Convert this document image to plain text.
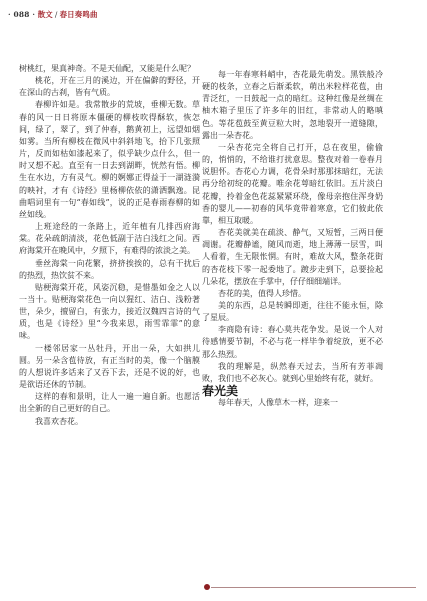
· 088 · 散文 / 春日奏鸣曲

树桃红，果真神奇。不是天仙配，又能是什么呢？

桃花，开在三月的溪边，开在偏僻的野径，开在深山的古刹，皆有气质。

春柳许如是。我常散步的荒坡，垂柳无数。草春的风一日日将原本僵硬的柳枝吹得酥软，恢怎间，绿了，翠了，到了仲春，鹅黄初上，远望如烟如雾。当所有柳枝在微风中斜斜地飞，抬下几张照片，反而如枯如漆起来了，似乎缺少点什么，但一时又想不起。直至有一日去到湖畔，恍然有悟。柳生在水边，方有灵气。柳的婀娜正得益于一湖涟漪的映衬，才有《诗经》里杨柳依依的潇洒飘逸。昆曲唱词里有一句“春如线”，说的正是春雨春柳的如丝如线。

上班途经的一条路上，近年植有几排西府海棠。花朵疏朗清淡，花色低副于洁白浅红之间。西府海棠开在晚风中，夕照下，有难得的浓淡之美。

垂丝海棠一向花繁，挤挤挨挨的，总有干扰后的热烈，热饮贫不来。

贴梗海棠开花，风姿沉稳，是惜墨如金之人以一当十。贴梗海棠花色一向以猩红、洁白、浅粉著世，朵少，擅留白，有张力，接近汉魏四言诗的气质，也是《诗经》里“今我来思，雨雪霏霏”的意味。

一楼邻居家一丛牡丹，开出一朵，大如拱儿圆。另一朵含苞待放，有正当时的美，像一个脑膜的人想说许多话来了又吞下去，还是不说的好，也是欲语还休的节制。

这样的春和景明，让人一遍一遍自新。也愿活出全新的自己更好的自己。

我喜欢杏花。

每一年春寒料峭中，杏花最先萌发。黑铁般冷硬的枝条，立春之后渐柔软，萌出米粒样花苞，由青泛红，一日鼓起一点的暗红。这种红像是丝绸在柚木箱子里压了许多年的旧红，非常动人的略嗔色。等花苞鼓至黄豆粒大时，忽地裂开一道缝隙，露出一朵杏花。

一朵杏花完全将自己打开，总在夜里，偷偷的，悄悄的，不给谁打扰意思。整夜对着一卷春月说胆怀。杏花心力调，花骨朵时那那抹暗红，无法再分给初绽的花瓣。唯余花萼暗红依旧。五片淡白花瓣，拎着金色花蕊紧紧环绕，像母亲抱住浑身奶香的婴儿——初春的风华竟带着寒意，它们彼此依靠，相互取暖。

杏花美就美在疏淡、静气，又短暂，三两日便凋谢。花瓣静谧，随风而逝，地上薄薄一层雪，叫人看着，生无限怅惘。有时，难故大风，整条花街的杏花枝下零一起委地了。踱步走到下，总要捡起几朵花，摆放在手掌中，仔仔细细端详。

杏花的美，值得人珍惜。

美的东西，总是转瞬即逝，往往不能永恒，除了星辰。

李商隐有诗：春心莫共花争发。是说一个人对待感情要节制，不必与花一样毕争着绽放，更不必那么热烈。

我的理解是，纵然春天过去，当所有芳菲凋败，我们也不必灰心。就到心里始终有花，就好。

春光美

每年春天，人像草木一样，迎来一
